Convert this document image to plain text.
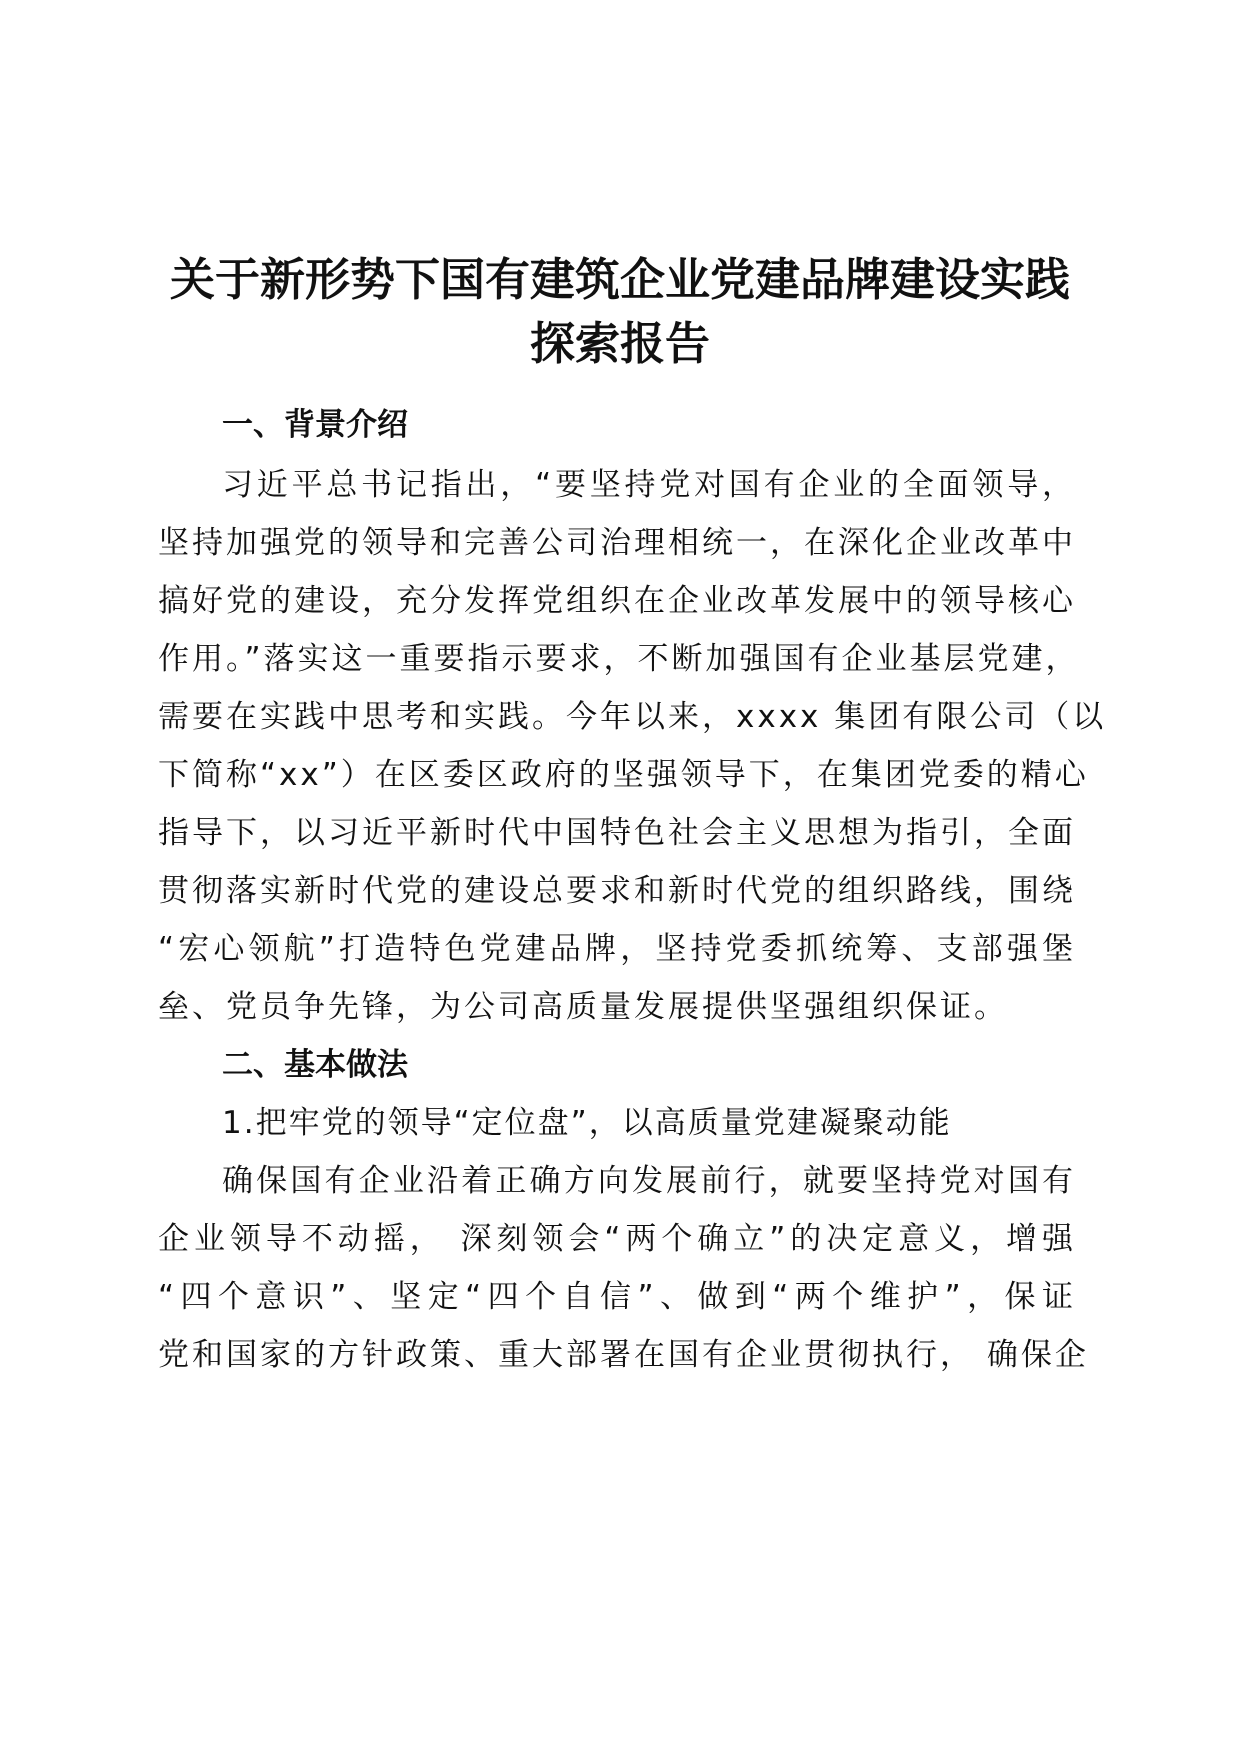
关于新形势下国有建筑企业党建品牌建设实践
探索报告
一、背景介绍

习近平总书记指出，“要坚持党对国有企业的全面领导，

坚持加强党的领导和完善公司治理相统一，在深化企业改革中

搞好党的建设，充分发挥党组织在企业改革发展中的领导核心

作用。”落实这一重要指示要求，不断加强国有企业基层党建，

需要在实践中思考和实践。今年以来，xxxx 集团有限公司（以

下简称“xx”）在区委区政府的坚强领导下，在集团党委的精心

指导下，以习近平新时代中国特色社会主义思想为指引，全面

贯彻落实新时代党的建设总要求和新时代党的组织路线，围绕

“宏心领航”打造特色党建品牌，坚持党委抓统筹、支部强堡

垒、党员争先锋，为公司高质量发展提供坚强组织保证。

二、基本做法

1.把牢党的领导“定位盘”，以高质量党建凝聚动能

确保国有企业沿着正确方向发展前行，就要坚持党对国有

企业领导不动摇， 深刻领会“两个确立”的决定意义，增强

“四个意识”、坚定“四个自信”、做到“两个维护”，保证

党和国家的方针政策、重大部署在国有企业贯彻执行， 确保企
